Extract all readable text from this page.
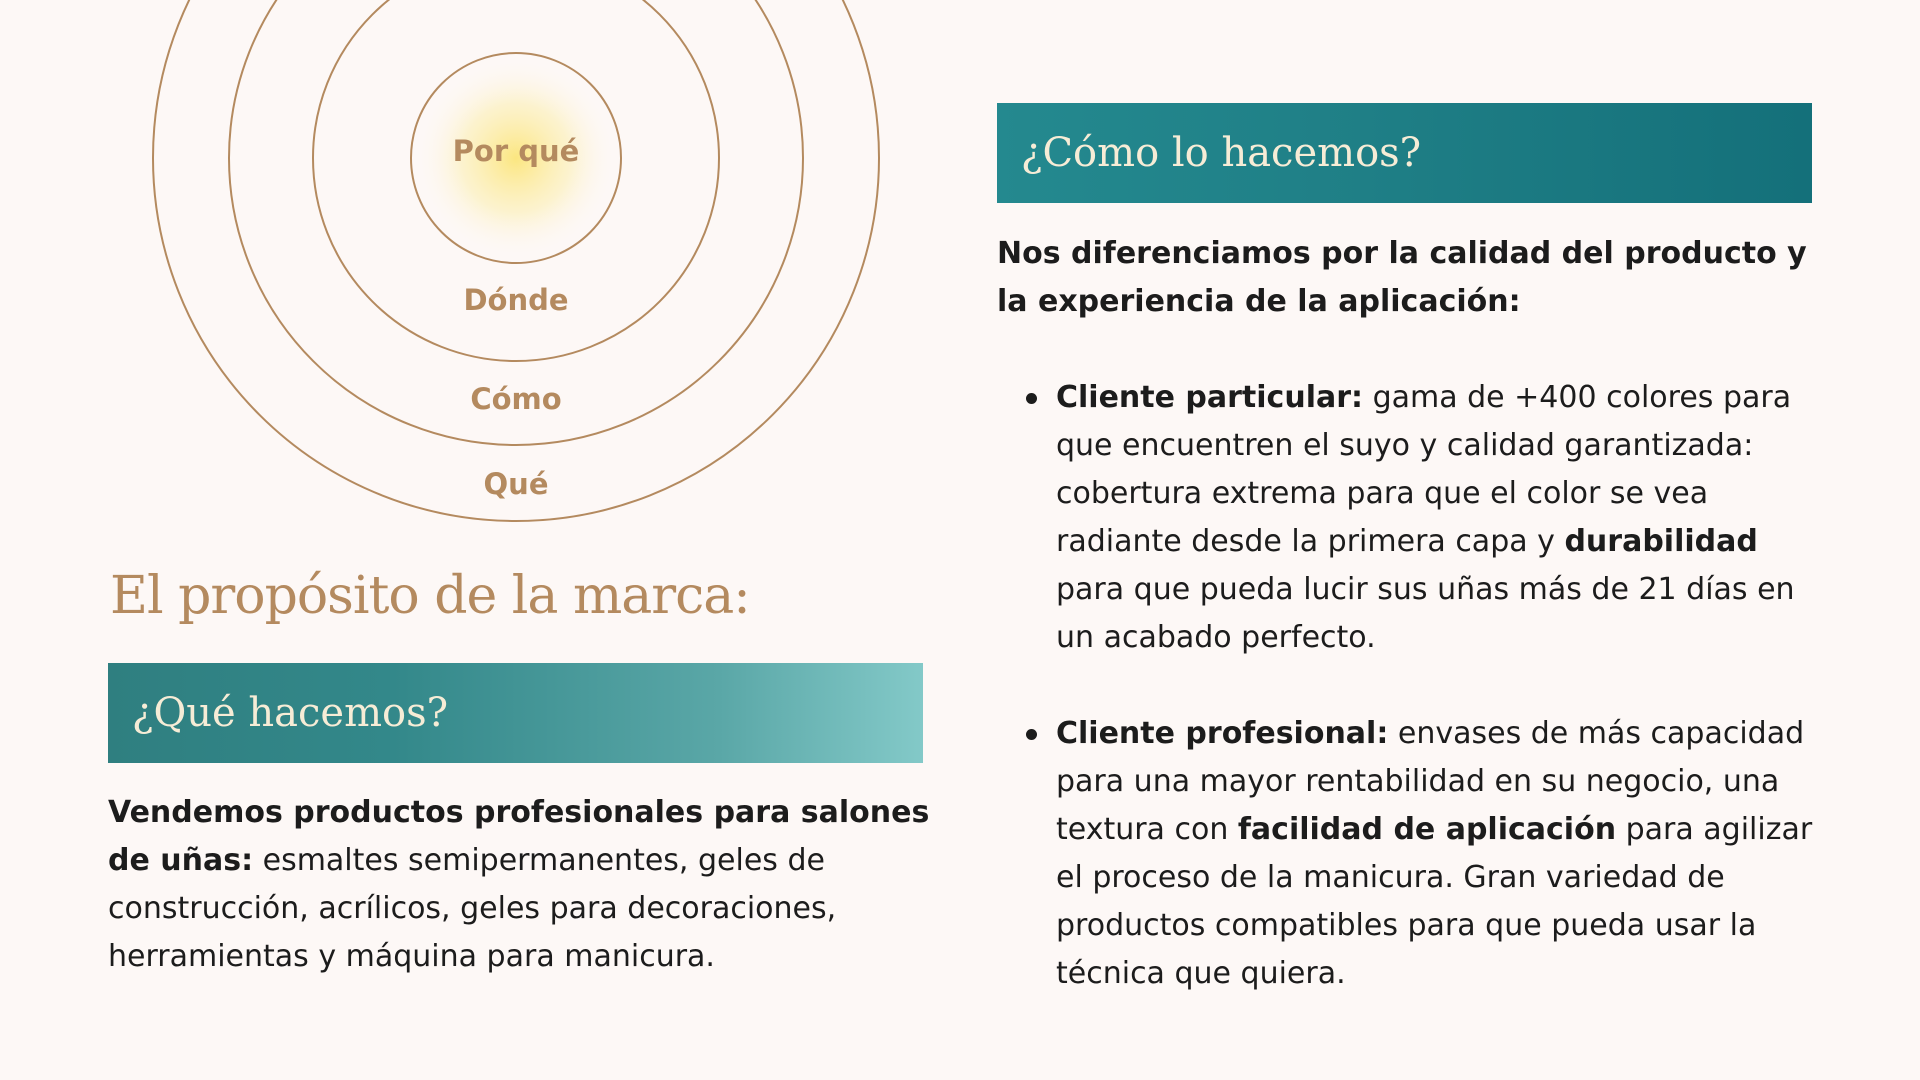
Por qué
Dónde
Cómo
Qué
El propósito de la marca:
¿Qué hacemos?

Vendemos productos profesionales para salones de uñas: esmaltes semipermanentes, geles de construcción, acrílicos, geles para decoraciones, herramientas y máquina para manicura.

¿Cómo lo hacemos?

Nos diferenciamos por la calidad del producto y la experiencia de la aplicación:

Cliente particular: gama de +400 colores para que encuentren el suyo y calidad garantizada: cobertura extrema para que el color se vea radiante desde la primera capa y durabilidad para que pueda lucir sus uñas más de 21 días en un acabado perfecto.
Cliente profesional: envases de más capacidad para una mayor rentabilidad en su negocio, una textura con facilidad de aplicación para agilizar el proceso de la manicura. Gran variedad de productos compatibles para que pueda usar la técnica que quiera.
